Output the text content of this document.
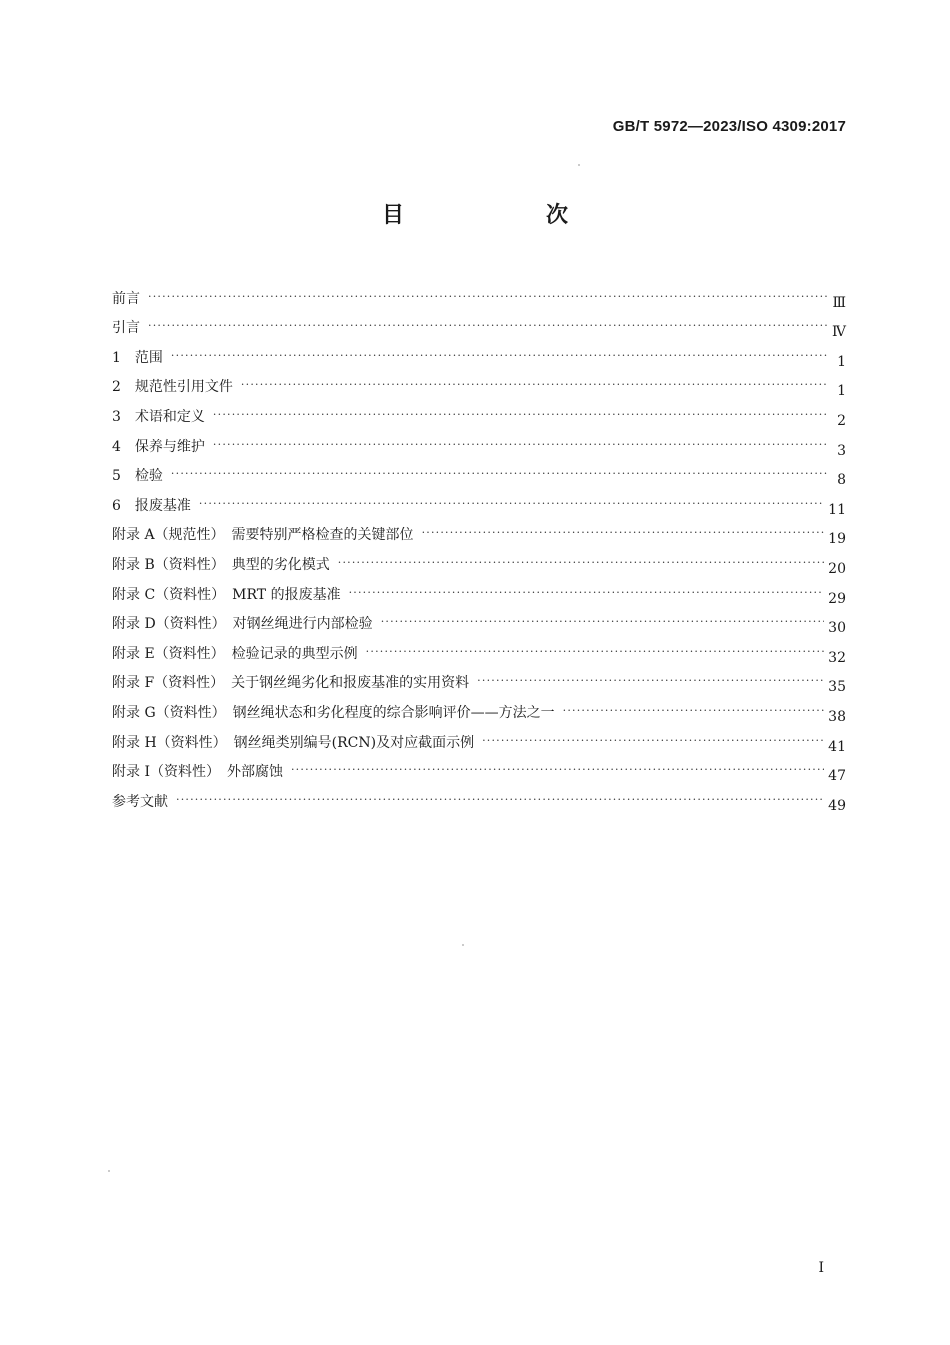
GB/T 5972—2023/ISO 4309:2017
目　次
前言 ·····	Ⅲ
引言 ·····	Ⅳ
1　范围 ·····	1
2　规范性引用文件 ·····	1
3　术语和定义 ·····	2
4　保养与维护 ·····	3
5　检验 ·····	8
6　报废基准 ·····	11
附录 A（规范性）　需要特别严格检查的关键部位 ·····	19
附录 B（资料性）　典型的劣化模式 ·····	20
附录 C（资料性）　MRT 的报废基准 ·····	29
附录 D（资料性）　对钢丝绳进行内部检验 ·····	30
附录 E（资料性）　检验记录的典型示例 ·····	32
附录 F（资料性）　关于钢丝绳劣化和报废基准的实用资料 ·····	35
附录 G（资料性）　钢丝绳状态和劣化程度的综合影响评价——方法之一 ·····	38
附录 H（资料性）　钢丝绳类别编号(RCN)及对应截面示例 ·····	41
附录 I（资料性）　外部腐蚀 ·····	47
参考文献 ·····	49
I
